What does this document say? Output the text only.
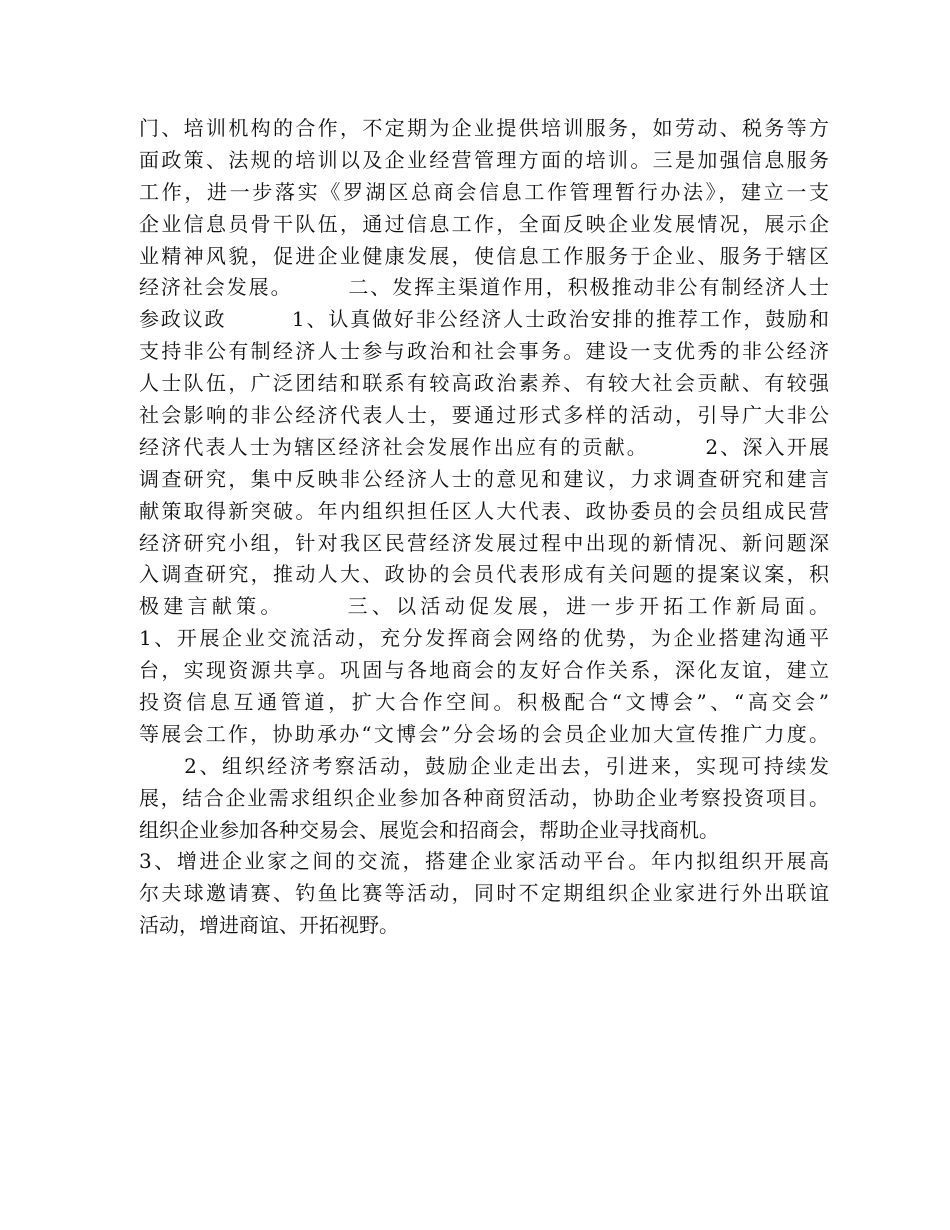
门、培训机构的合作，不定期为企业提供培训服务，如劳动、税务等方
面政策、法规的培训以及企业经营管理方面的培训。三是加强信息服务
工作，进一步落实《罗湖区总商会信息工作管理暂行办法》，建立一支
企业信息员骨干队伍，通过信息工作，全面反映企业发展情况，展示企
业精神风貌，促进企业健康发展，使信息工作服务于企业、服务于辖区
经济社会发展。　　　二、发挥主渠道作用，积极推动非公有制经济人士
参政议政　　　1、认真做好非公经济人士政治安排的推荐工作，鼓励和
支持非公有制经济人士参与政治和社会事务。建设一支优秀的非公经济
人士队伍，广泛团结和联系有较高政治素养、有较大社会贡献、有较强
社会影响的非公经济代表人士，要通过形式多样的活动，引导广大非公
经济代表人士为辖区经济社会发展作出应有的贡献。　　　2、深入开展
调查研究，集中反映非公经济人士的意见和建议，力求调查研究和建言
献策取得新突破。年内组织担任区人大代表、政协委员的会员组成民营
经济研究小组，针对我区民营经济发展过程中出现的新情况、新问题深
入调查研究，推动人大、政协的会员代表形成有关问题的提案议案，积
极建言献策。　　　三、以活动促发展，进一步开拓工作新局面。
1、开展企业交流活动，充分发挥商会网络的优势，为企业搭建沟通平
台，实现资源共享。巩固与各地商会的友好合作关系，深化友谊，建立
投资信息互通管道，扩大合作空间。积极配合“文博会”、“高交会”
等展会工作，协助承办“文博会”分会场的会员企业加大宣传推广力度。
　　2、组织经济考察活动，鼓励企业走出去，引进来，实现可持续发
展，结合企业需求组织企业参加各种商贸活动，协助企业考察投资项目。
组织企业参加各种交易会、展览会和招商会，帮助企业寻找商机。
3、增进企业家之间的交流，搭建企业家活动平台。年内拟组织开展高
尔夫球邀请赛、钓鱼比赛等活动，同时不定期组织企业家进行外出联谊
活动，增进商谊、开拓视野。
